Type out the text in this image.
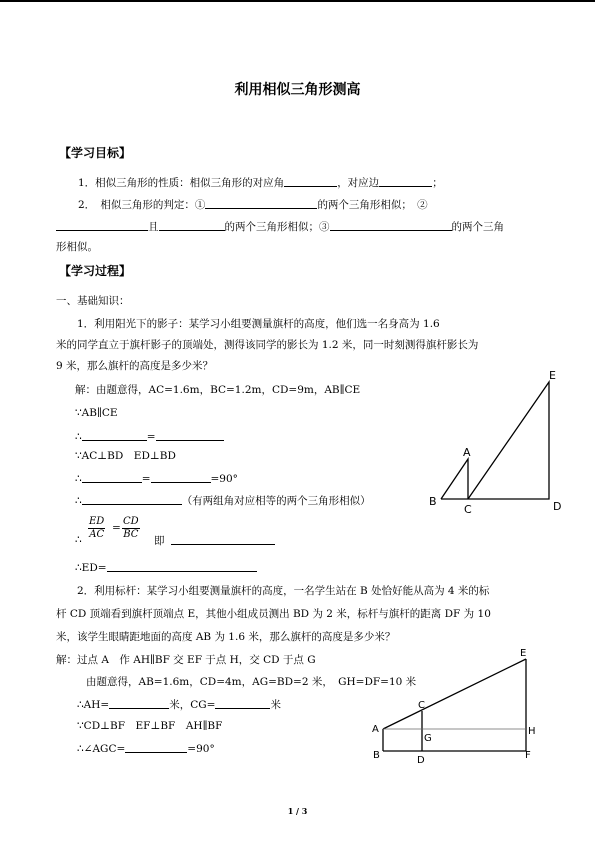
利用相似三角形测高
【学习目标】
1．相似三角形的性质：相似三角形的对应角	，对应边	；
2．　相似三角形的判定：①	的两个三角形相似；　②
且	的两个三角形相似；③	的两个三角
形相似。
【学习过程】
一、基础知识：
1．利用阳光下的影子：某学习小组要测量旗杆的高度，他们选一名身高为 1.6
米的同学直立于旗杆影子的顶端处，测得该同学的影长为 1.2 米，同一时刻测得旗杆影长为
9 米，那么旗杆的高度是多少米？
解：由题意得，AC=1.6m，BC=1.2m，CD=9m，AB∥CE
∵AB∥CE
∴	=
∵AC⊥BD　ED⊥BD
∴	=	=90°
∴	（有两组角对应相等的两个三角形相似）
∴ $\frac{ED}{AC} = \frac{CD}{BC}$ 即
∴ED=
E
A
B
C	D
2．利用标杆：某学习小组要测量旗杆的高度，一名学生站在 B 处恰好能从高为 4 米的标
杆 CD 顶端看到旗杆顶端点 E，其他小组成员测出 BD 为 2 米，标杆与旗杆的距离 DF 为 10
米，该学生眼睛距地面的高度 AB 为 1.6 米，那么旗杆的高度是多少米？
解：过点 A　作 AH∥BF 交 EF 于点 H，交 CD 于点 G
由题意得，AB=1.6m，CD=4m，AG=BD=2 米，　GH=DF=10 米
∴AH=	米，CG=	米
∵CD⊥BF　EF⊥BF　AH∥BF
∴∠AGC=	=90°
E
C
A
G
H
B	D	F
1 / 3
